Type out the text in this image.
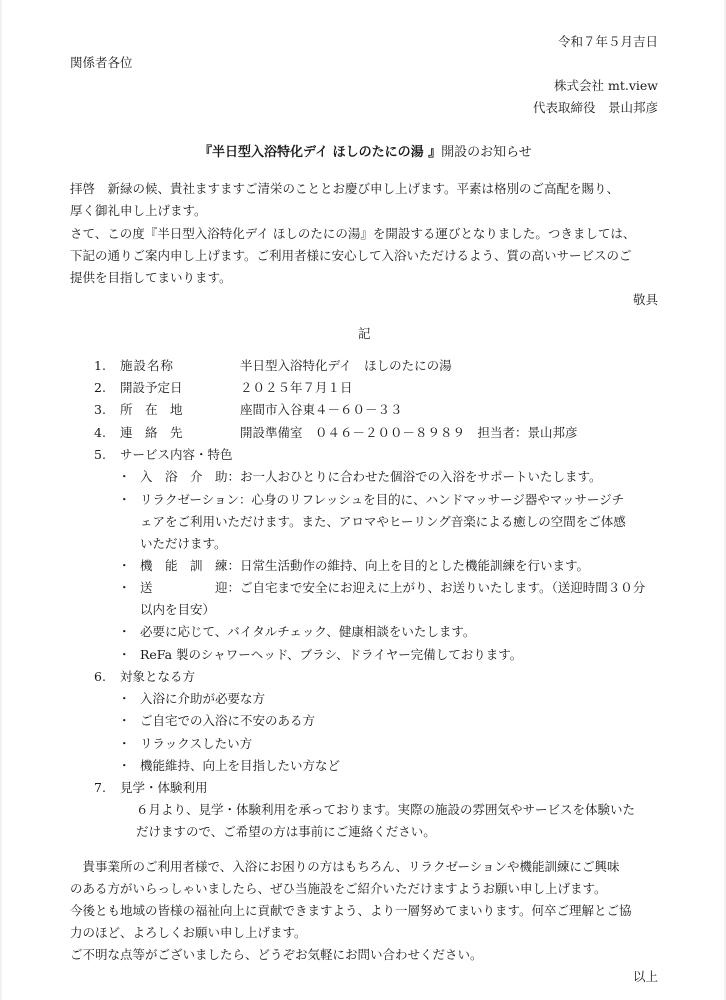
令和７年５月吉日
関係者各位
株式会社 mt.view
代表取締役　景山邦彦
『半日型入浴特化デイ ほしのたにの湯 』開設のお知らせ
拝啓　新緑の候、貴社ますますご清栄のこととお慶び申し上げます。平素は格別のご高配を賜り、
厚く御礼申し上げます。
さて、この度『半日型入浴特化デイ ほしのたにの湯』を開設する運びとなりました。つきましては、
下記の通りご案内申し上げます。ご利用者様に安心して入浴いただけるよう、質の高いサービスのご
提供を目指してまいります。
敬具
記
1. 施設名称	半日型入浴特化デイ　ほしのたにの湯
2. 開設予定日	２０２５年７月１日
3. 所　在　地	座間市入谷東４－６０－３３
4. 連　絡　先	開設準備室　０４６－２００－８９８９　担当者：景山邦彦
5. サービス内容・特色
・ 入　浴　介　助：お一人おひとりに合わせた個浴での入浴をサポートいたします。
・ リラクゼーション：心身のリフレッシュを目的に、ハンドマッサージ器やマッサージチ
ェアをご利用いただけます。また、アロマやヒーリング音楽による癒しの空間をご体感
いただけます。
・ 機　能　訓　練：日常生活動作の維持、向上を目的とした機能訓練を行います。
・ 送　　　　　迎：ご自宅まで安全にお迎えに上がり、お送りいたします。（送迎時間３０分
以内を目安）
・ 必要に応じて、バイタルチェック、健康相談をいたします。
・ ReFa 製のシャワーヘッド、ブラシ、ドライヤー完備しております。
6. 対象となる方
・ 入浴に介助が必要な方
・ ご自宅での入浴に不安のある方
・ リラックスしたい方
・ 機能維持、向上を目指したい方など
7. 見学・体験利用
６月より、見学・体験利用を承っております。実際の施設の雰囲気やサービスを体験いた
だけますので、ご希望の方は事前にご連絡ください。
　貴事業所のご利用者様で、入浴にお困りの方はもちろん、リラクゼーションや機能訓練にご興味
のある方がいらっしゃいましたら、ぜひ当施設をご紹介いただけますようお願い申し上げます。
今後とも地域の皆様の福祉向上に貢献できますよう、より一層努めてまいります。何卒ご理解とご協
力のほど、よろしくお願い申し上げます。
ご不明な点等がございましたら、どうぞお気軽にお問い合わせください。
以上
